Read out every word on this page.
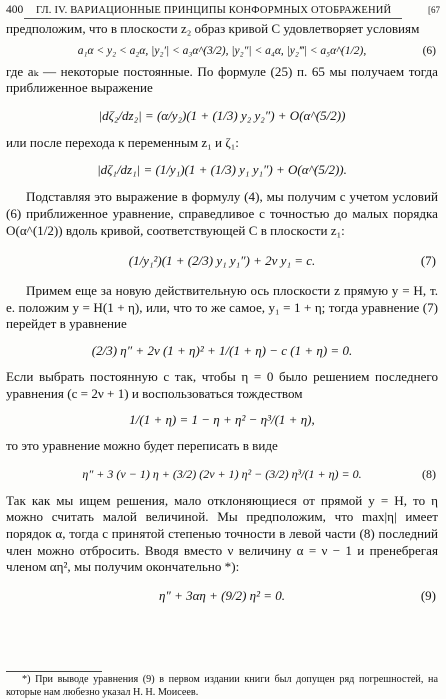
400 ГЛ. IV. ВАРИАЦИОННЫЕ ПРИНЦИПЫ КОНФОРМНЫХ ОТОБРАЖЕНИЙ	[67

предположим, что в плоскости z₂ образ кривой C удовлетворяет условиям

a₁α < y₂ < a₂α, |y₂′| < a₃α^(3/2), |y₂″| < a₄α, |y₂‴| < a₅α^(1/2),	(6)

где aₖ — некоторые постоянные. По формуле (25) п. 65 мы получаем тогда приближенное выражение

|dζ₂/dz₂| = (α/y₂)(1 + (1/3) y₂ y₂″) + O(α^(5/2))

или после перехода к переменным z₁ и ζ₁:

|dζ₁/dz₁| = (1/y₁)(1 + (1/3) y₁ y₁″) + O(α^(5/2)).

Подставляя это выражение в формулу (4), мы получим с учетом условий (6) приближенное уравнение, справедливое с точностью до малых порядка O(α^(1/2)) вдоль кривой, соответствующей C в плоскости z₁:

(1/y₁²)(1 + (2/3) y₁ y₁″) + 2ν y₁ = c.	(7)

Примем еще за новую действительную ось плоскости z прямую y = H, т. е. положим y = H(1 + η), или, что то же самое, y₁ = 1 + η; тогда уравнение (7) перейдет в уравнение

(2/3) η″ + 2ν (1 + η)² + 1/(1 + η) − c (1 + η) = 0.

Если выбрать постоянную c так, чтобы η = 0 было решением последнего уравнения (c = 2ν + 1) и воспользоваться тождеством

1/(1 + η) = 1 − η + η² − η³/(1 + η),

то это уравнение можно будет переписать в виде

η″ + 3 (ν − 1) η + (3/2) (2ν + 1) η² − (3/2) η³/(1 + η) = 0.	(8)

Так как мы ищем решения, мало отклоняющиеся от прямой y = H, то η можно считать малой величиной. Мы предположим, что max|η| имеет порядок α, тогда с принятой степенью точности в левой части (8) последний член можно отбросить. Вводя вместо ν величину α = ν − 1 и пренебрегая членом αη², мы получим окончательно *):

η″ + 3αη + (9/2) η² = 0.	(9)
*) При выводе уравнения (9) в первом издании книги был допущен ряд погрешностей, на которые нам любезно указал Н. Н. Моисеев.
